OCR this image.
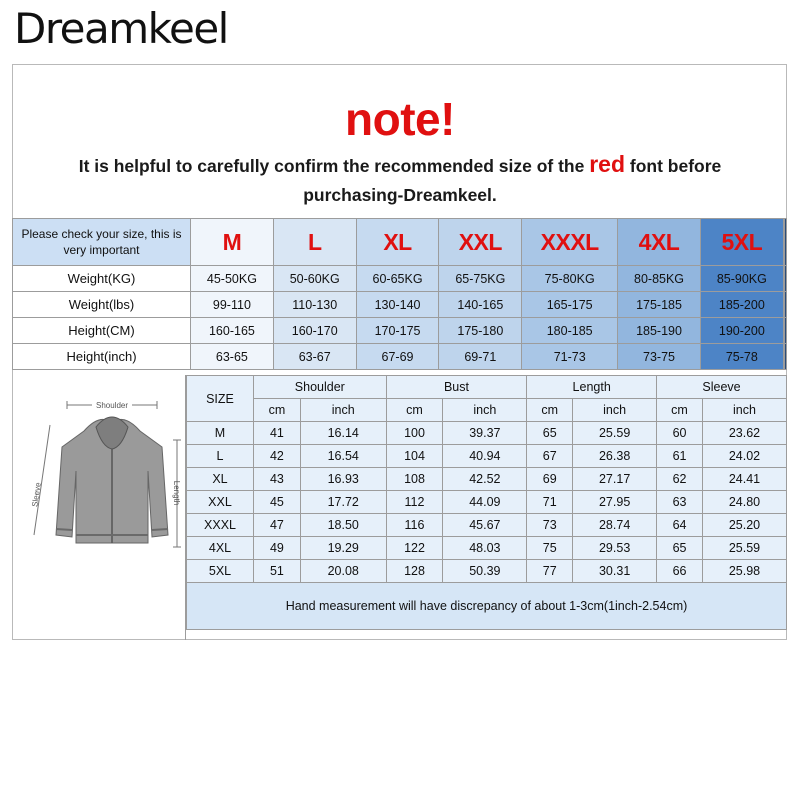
Dreamkeel
note!
It is helpful to carefully confirm the recommended size of the red font before
purchasing-Dreamkeel.
Please check your size, this is very important	M	L	XL	XXL	XXXL	4XL	5XL		
Weight(KG)	45-50KG	50-60KG	60-65KG	65-75KG	75-80KG	80-85KG	85-90KG		
Weight(lbs)	99-110	110-130	130-140	140-165	165-175	175-185	185-200		
Height(CM)	160-165	160-170	170-175	175-180	180-185	185-190	190-200		
Height(inch)	63-65	63-67	67-69	69-71	71-73	73-75	75-78		
Shoulder
Length
Sleeve
SIZE	Shoulder		Bust		Length		Sleeve	
	cm	inch	cm	inch	cm	inch	cm	inch
M	41	16.14	100	39.37	65	25.59	60	23.62
L	42	16.54	104	40.94	67	26.38	61	24.02
XL	43	16.93	108	42.52	69	27.17	62	24.41
XXL	45	17.72	112	44.09	71	27.95	63	24.80
XXXL	47	18.50	116	45.67	73	28.74	64	25.20
4XL	49	19.29	122	48.03	75	29.53	65	25.59
5XL	51	20.08	128	50.39	77	30.31	66	25.98
Hand measurement will have discrepancy of about 1-3cm(1inch-2.54cm)								
